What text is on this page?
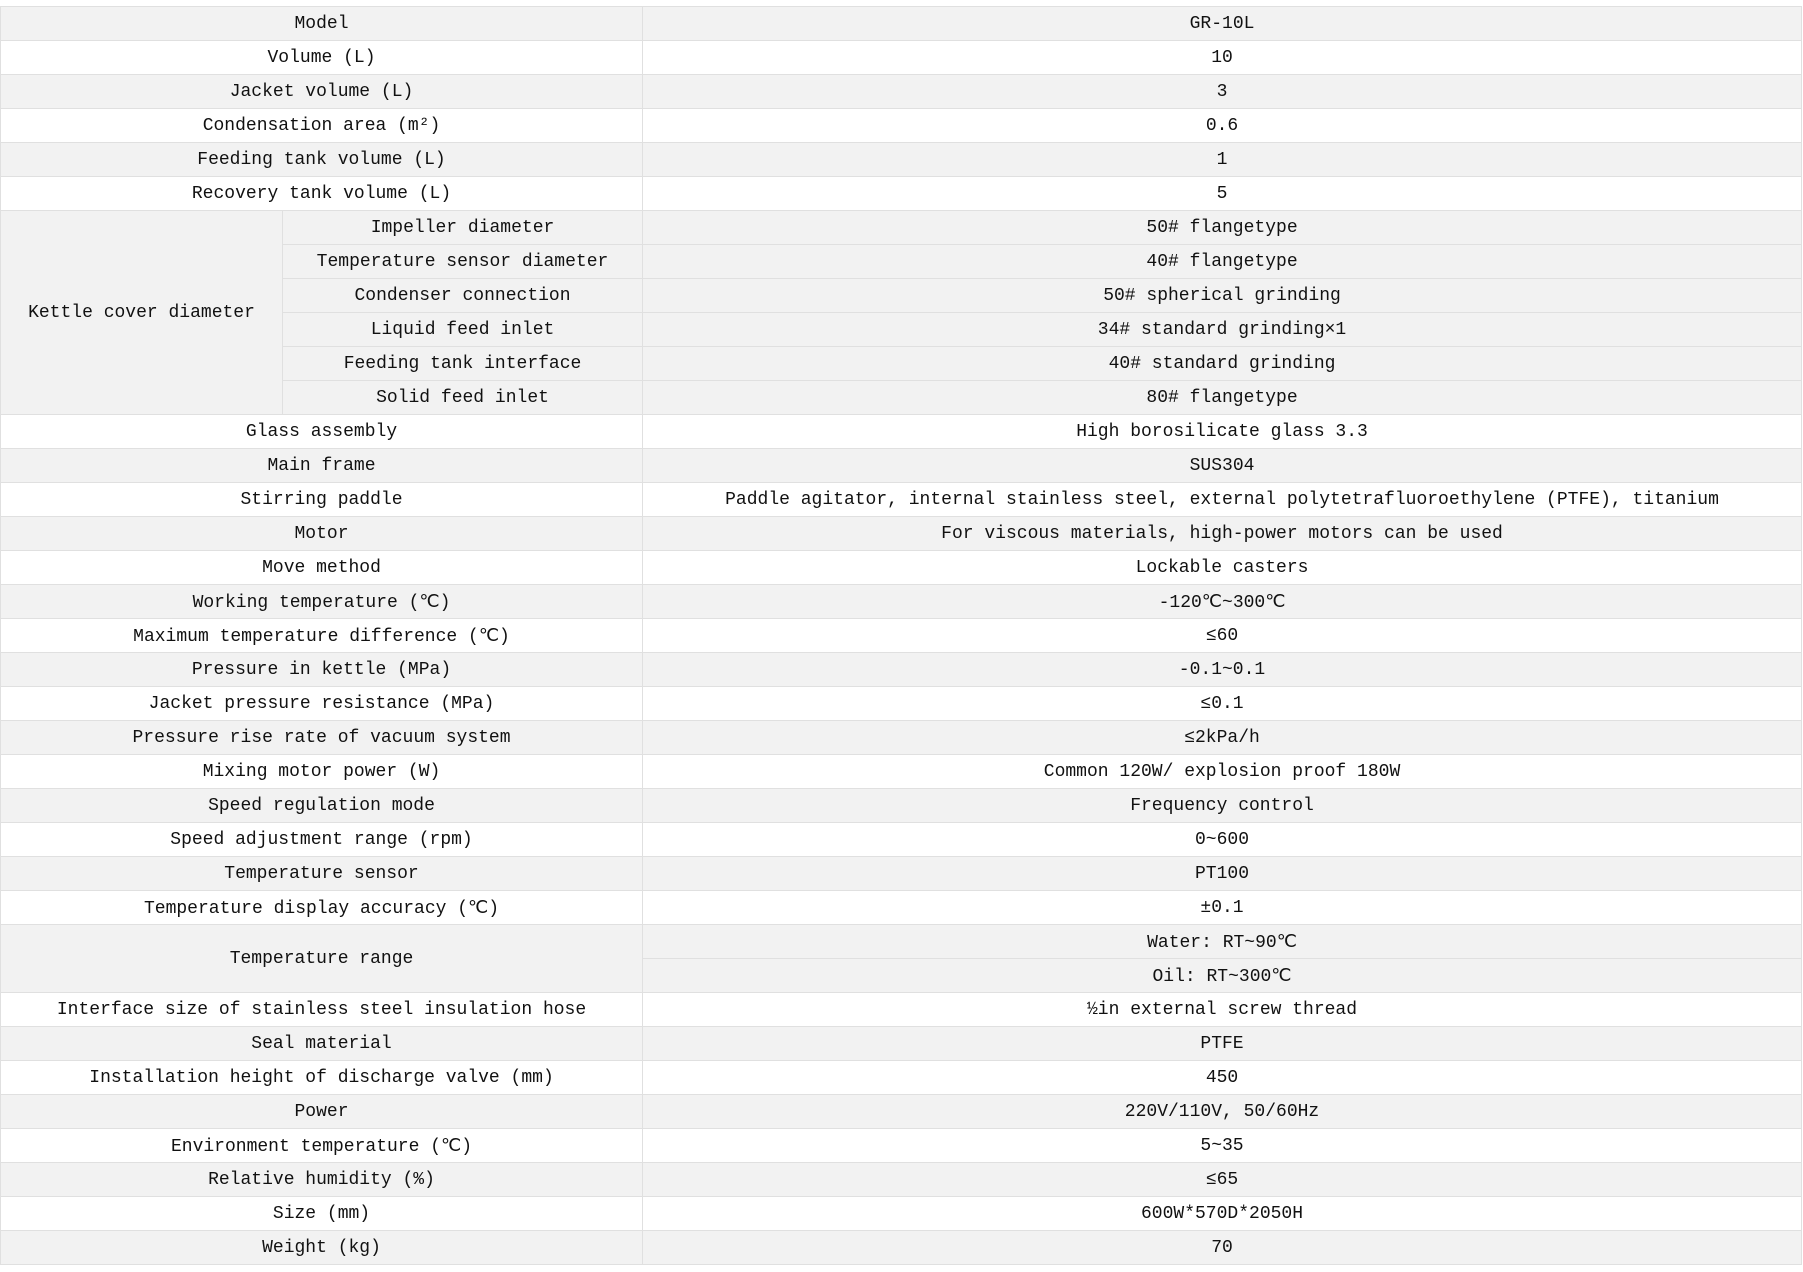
Model		GR-10L
Volume (L)		10
Jacket volume (L)		3
Condensation area (m²)		0.6
Feeding tank volume (L)		1
Recovery tank volume (L)		5
Kettle cover diameter	Impeller diameter	50# flangetype
	Temperature sensor diameter	40# flangetype
	Condenser connection	50# spherical grinding
	Liquid feed inlet	34# standard grinding×1
	Feeding tank interface	40# standard grinding
	Solid feed inlet	80# flangetype
Glass assembly		High borosilicate glass 3.3
Main frame		SUS304
Stirring paddle		Paddle agitator, internal stainless steel, external polytetrafluoroethylene (PTFE), titanium
Motor		For viscous materials, high-power motors can be used
Move method		Lockable casters
Working temperature (℃)		-120℃~300℃
Maximum temperature difference (℃)		≤60
Pressure in kettle (MPa)		-0.1~0.1
Jacket pressure resistance (MPa)		≤0.1
Pressure rise rate of vacuum system		≤2kPa/h
Mixing motor power (W)		Common 120W/ explosion proof 180W
Speed regulation mode		Frequency control
Speed adjustment range (rpm)		0~600
Temperature sensor		PT100
Temperature display accuracy (℃)		±0.1
Temperature range		Water: RT~90℃
		Oil: RT~300℃
Interface size of stainless steel insulation hose		½in external screw thread
Seal material		PTFE
Installation height of discharge valve (mm)		450
Power		220V/110V, 50/60Hz
Environment temperature (℃)		5~35
Relative humidity (%)		≤65
Size (mm)		600W*570D*2050H
Weight (kg)		70
